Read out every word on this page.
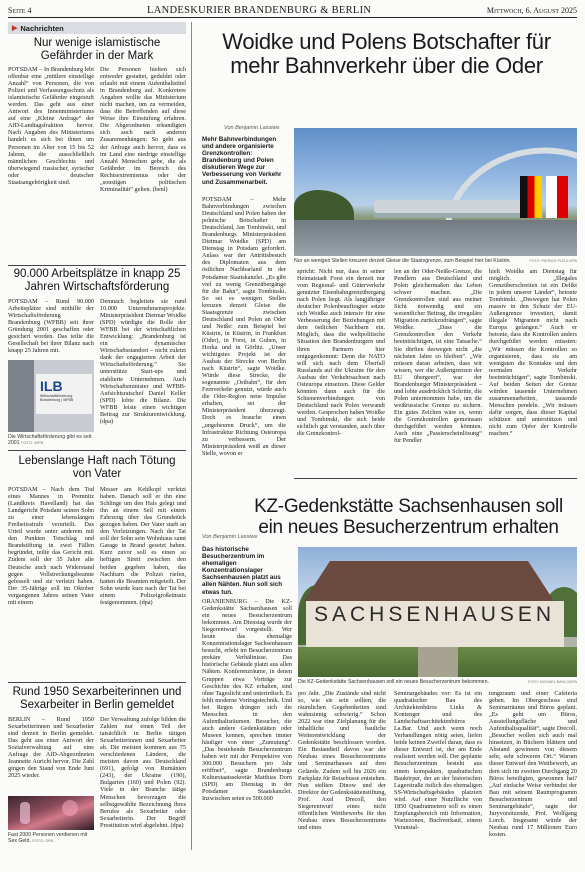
Seite 4	LANDESKURIER BRANDENBURG & BERLIN	Mittwoch, 6. August 2025
▶ Nachrichten
Nur wenige islamistische Gefährder in der Mark

POTSDAM – In Brandenburg lebt offenbar eine „mittlere einstellige Anzahl“ von Personen, die von Polizei und Verfassungsschutz als islamistische Gefährder eingestuft werden. Das geht aus einer Antwort des Innenministeriums auf eine „Kleine Anfrage“ der AfD-Landtagsfraktion hervor. Nach Angaben des Ministeriums handelt es sich bei ihnen um Personen im Alter von 15 bis 52 Jahren, die ausschließlich männlichen Geschlechts und überwiegend russischer, syrischer oder deutscher Staatsangehörigkeit sind.

Die Personen hielten sich entweder gestattet, geduldet oder erlaubt mit einem Aufenthaltstitel in Brandenburg auf. Konkretere Angaben wollte das Ministerium nicht machen, um zu vermeiden, dass die Betreffenden auf diese Weise ihre Einstufung erfahren. Die Abgeordneten erkundigten sich auch nach anderen Zusammenhängen: So geht aus der Anfrage auch hervor, dass es im Land eine niedrige einstellige Anzahl Menschen gebe, die als Gefährder im Bereich des Rechtsextremismus oder der „sonstigen politischen Kriminalität“ gelten. (benl)

90.000 Arbeitsplätze in knapp 25 Jahren Wirtschaftsförderung

POTSDAM – Rund 90.000 Arbeitsplätze sind mithilfe der Wirtschaftsförderung Brandenburg (WFBB) seit ihrer Gründung 2001 geschaffen oder gesichert worden. Das teilte die Gesellschaft bei ihrer Bilanz nach knapp 25 Jahren mit.

ILB
Wirtschaftsförderung Brandenburg | WFBB
Die Wirtschaftsförderung gibt es seit 2001 FOTO: WFB

Demnach begleitete sie rund 10.000 Unternehmensprojekte. Ministerpräsident Dietmar Woidke (SPD) würdigte die Rolle der WFBB bei der wirtschaftlichen Entwicklung: „Brandenburg ist ein dynamischer Wirtschaftsstandort – nicht zuletzt dank der engagierten Arbeit der Wirtschaftsförderung.“ Sie unterstütze Start-ups und etablierte Unternehmen. Auch Wirtschaftsminister und WFBB-Aufsichtsratschef Daniel Keller (SPD) lobte die Bilanz. Die WFBB leiste einen wichtigen Beitrag zur Strukturentwicklung. (dpa)

Lebenslange Haft nach Tötung von Vater

POTSDAM – Nach dem Tod eines Mannes in Premnitz (Landkreis Havelland) hat das Landgericht Potsdam seinen Sohn zu einer lebenslangen Freiheitsstrafe verurteilt. Das Urteil wurde unter anderem mit den Punkten Totschlag und Brandstiftung in zwei Fällen begründet, teilte das Gericht mit. Zudem soll der 35 Jahre alte Deutsche auch nach Widerstand gegen Vollstreckungsbeamte gefesselt und sie verletzt haben. Der 35-Jährige soll im Oktober vergangenen Jahres seinen Vater mit einem

Messer am Kehlkopf verletzt haben. Danach soll er ihn eine Schlinge um den Hals gelegt und ihn an einem Seil mit einem Fahrzeug über das Grundstück gezogen haben. Der Vater starb an den Verletzungen. Nach der Tat soll der Sohn sein Wohnhaus samt Garage in Brand gesetzt haben. Kurz zuvor soll es einen so heftigen Streit zwischen den beiden gegeben haben, das Nachbarn die Polizei riefen, hatten die Beamten mitgeteilt. Der Sohn wurde kurz nach der Tat bei einem Polizeigroßeinsatz festgenommen. (dpa)

Rund 1950 Sexarbeiterinnen und Sexarbeiter in Berlin gemeldet

BERLIN – Rund 1950 Sexarbeiterinnen und Sexarbeiter sind derzeit in Berlin gemeldet. Das geht aus einer Antwort der Sozialverwaltung auf eine Anfrage der AfD-Abgeordneten Jeannette Auricht hervor. Die Zahl gingen den Stand von Ende Juni 2025 wieder.

Fast 2000 Personen verdienen mit Sex Geld. FOTO: DPA

Der Verwaltung zufolge bilden die Zahlen nur einen Teil der tatsächlich in Berlin tätigen Sexarbeiterinnen und Sexarbeiter ab. Die meisten kommen aus 75 verschiedenen Ländern, die meisten davon aus Deutschland (691), gefolgt von Rumänien (243), der Ukraine (190), Bulgarien (160) und Polen (92). Viele in der Branche tätige Menschen bevorzugen die selbstgewählte Bezeichnung ihres Berufes als Sexarbeiter oder Sexarbeiterin. Der Begriff Prostitution wird abgelehnt. (dpa)

Woidke und Polens Botschafter für mehr Bahnverkehr über die Oder
Von Benjamin Lassiwe
Mehr Bahnverbindungen und andere organisierte Grenzkontrollen: Brandenburg und Polen diskutieren Wege zur Verbesserung von Verkehr und Zusammenarbeit.

POTSDAM – Mehr Bahnverbindungen zwischen Deutschland und Polen haben der polnische Botschafter in Deutschland, Jan Tombinski, und Brandenburgs Ministerpräsident Dietmar Woidke (SPD) am Dienstag in Potsdam gefordert. Anlass war der Antrittsbesuch des Diplomaten aus dem östlichen Nachbarland in der Potsdamer Staatskanzlei. „Es gibt viel zu wenig Grenzübergänge für die Bahn“, sagte Tombinski. So sei es wenigen Stellen kreuzen derzeit Gleise die Staatsgrenze zwischen Deutschland und Polen an Oder und Neiße: zum Beispiel bei Küstrin, in Küstrin, in Frankfurt (Oder), in Forst, in Guben, in Horka und in Görlitz. „Unser wichtigstes Projekt ist der Ausbau der Strecke von Berlin nach Küstrin“, sagte Woidke. Würde diese Strecke, die sogenannte „Ostbahn“, für den Fernverkehr genutzt, würde auch die Oder-Region neue Impulse erhalten, sei der Ministerpräsident überzeugt. Doch es brauche einen „ungeheuren Druck“, um die Infrastruktur Richtung Osteuropa zu verbessern. Der Ministerpräsident weiß an dieser Stelle, wovon er

Nur an wenigen Stellen kreuzen derzeit Gleise die Staatsgrenze, zum Beispiel hier bei Küstrin.	FOTO: PATRICK PLEUL/DPA

spricht: Nicht nur, dass in seiner Heimatstadt Forst ein derzeit nur vom Regional- und Güterverkehr genutzter Eisenbahngrenzübergang nach Polen liegt. Als langjähriger deutscher Polenbeauftragter setzte sich Woidke auch intensiv für eine Verbesserung der Beziehungen mit dem östlichen Nachbarn ein. Möglich, dass die weltpolitische Situation den Brandenburgern und ihren Partnern hier entgegenkommt: Denn die NATO will sich nach dem Überfall Russlands auf die Ukraine für den Ausbau der Verkehrsachsen nach Osteuropa einsetzen. Diese Gelder könnten dann auch für die Schienenverbindungen von Deutschland nach Polen verwandt werden. Gesprochen haben Woidke und Tombinski, die sich beide sichtlich gut verstanden, auch über die Grenzkontrol-

len an der Oder-Neiße-Grenze, die Pendlern aus Deutschland und Polen gleichermaßen das Leben schwer machen. „Die Grenzkontrollen sind aus meiner Sicht notwendig und ein wesentlicher Beitrag, die irreguläre Migration zurückzudrängen“, sagte Woidke. „Dass die Grenzkontrollen den Verkehr beeinträchtigen, ist eine Tatsache.“ Sie dürften deswegen nicht „die nächsten Jahre so bleiben“. „Wir müssen daran arbeiten, dass wir wissen, wer die Außengrenzen der EU übergeert“, war der Brandenburger Ministerpräsident – und lobte ausdrücklich Schritte, die Polen unternommen habe, um die weißrussische Grenze zu sichern. Ein gutes Zeichen wäre es, wenn die Grenzkontrollen gemeinsam durchgeführt werden könnten. Auch eine „Passierscheinlösung“ für Pendler

hielt Woidke am Dienstag für möglich. „Illegales Grenzüberschreiten ist ein Delikt in jedem unserer Länder“, betonte Tombinski. „Deswegen hat Polen massiv in den Schutz der EU-Außengrenze investiert, damit illegale Migranten nicht nach Europa gelangen.“ Auch er betonte, dass die Kontrollen anders durchgeführt werden müssten: „Wir müssen die Kontrollen so organisieren, dass sie am wenigsten die Kontakte und den normalen Verkehr beeinträchtigen“, sagte Tombinski. Auf beiden Seiten der Grenze würden tausende Unternehmen zusammenarbeiten, tausende Menschen pendeln. „Wir müssen dafür sorgen, dass dieser Kapital schützen und unterstützen und nicht zum Opfer der Kontrolle machen.“

KZ-Gedenkstätte Sachsenhausen soll ein neues Besucherzentrum erhalten
Von Benjamin Lassiwe
Das historische Besucherzentrum im ehemaligen Konzentrationslager Sachsenhausen platzt aus allen Nähten. Nun soll sich etwas tun.

ORANIENBURG – Die KZ-Gedenkstätte Sachsenhausen soll ein neues Besucherzentrum bekommen. Am Dienstag wurde der Siegerentwurf vorgestellt. Wer heute das ehemalige Konzentrationslager Sachsenhausen besucht, erlebt im Besucherzentrum prekäre Verhältnisse. Das historische Gebäude platzt aus allen Nähten. Konferenzräume, in denen Gruppen etwa Vorträge zur Geschichte des KZ erhalten, sind ohne Tageslicht und unterirdisch. Es fehlt moderne Vortragstechnik. Und bei Regen drängen sich die Menschen in den Aufenthaltsräumen. Besucher, die auch andere Gedenkstätten oder Museen kennen, sprechen immer häufiger von einer „Zumutung“. „Das bestehende Besucherzentrum haben wir mit der Perspektive von 300.000 Besuchern pro Jahr eröffnet“, sagte Brandenburgs Kulturstaatssekretär Matthias Dorn (SPD) am Dienstag in der Potsdamer Staatskanzlei. Inzwischen seien es 500.000

SACHSENHAUSEN
Die KZ-Gedenkstätte Sachsenhausen soll ein neues Besucherzentrum bekommen.	FOTO: MICHAEL BAHLO/DPA

pro Jahr. „Die Zustände sind nicht so, wie sie sein sollten, die räumlichen Gegebenheiten sind wahnsinnig schwierig.“ Schon 2022 war eine Zielplanung für die inhaltliche und bauliche Weiterentwicklung der Gedenkstätte beschlossen worden. Ein Bestandteil davon war der Neubau eines Besucherzentrums und Seminarhauses auf dem Gelände. Zudem soll bis 2026 ein Parkplatz für Reisebusse entstehen. Nun stellten Dinow und der Direktor der Gedenkstättenstiftung, Prof. Axel Drecoll, den Siegerentwurf eines nicht öffentlichen Wettbewerbs für den Neubau eines Besucherzentrums und eines

Seminargebäudes vor: Es ist ein quadratischer Bau des Architektenbüros Links & Kontenger und des Landschaftsarchitektenbüros La.Bar. Und auch wenn noch Verhandlungen nötig seien, liefen beide keinen Zweifel daran, dass es dieser Entwurf ist, der am Ende realisiert werden soll. Der geplante Besucherzentrum besteht aus einem kompakten, quadratischen Baukörper, der an der historischen Lagerstraße östlich des ehemaligen SS-Wirtschaftsgebäudes platziert wird. Auf einer Nutzfläche von 1850 Quadratmetern soll es einen Empfangsbereich mit Information, Wartezonen, Buchverkauf, einem Veranstal-

tungsraum und einer Cafeteria geben. Im Obergeschoss sind Seminarräume und Büros geplant. „Es geht um Büros, Ausstellungsfläche und Aufenthaltsqualität“, sagte Drecoll. „Besucher wollen sich auch mal hinsetzen, in Büchern blättern und Abstand gewinnen von diesem sehr, sehr schweren Ort.“ Warum dieser Entwurf den Wettbewerb, an dem sich im zweiten Durchgang 20 Büros beteiligten, gewonnen hat? „Auf einfache Weise verbindet der Bau mit seinem Raumprogramm Besucherzentrum und Seminargebäude“, sagte der Juryvorsitzende, Prof. Wolfgang Lorch. Insgesamt würde der Neubau rund 17 Millionen Euro kosten.
